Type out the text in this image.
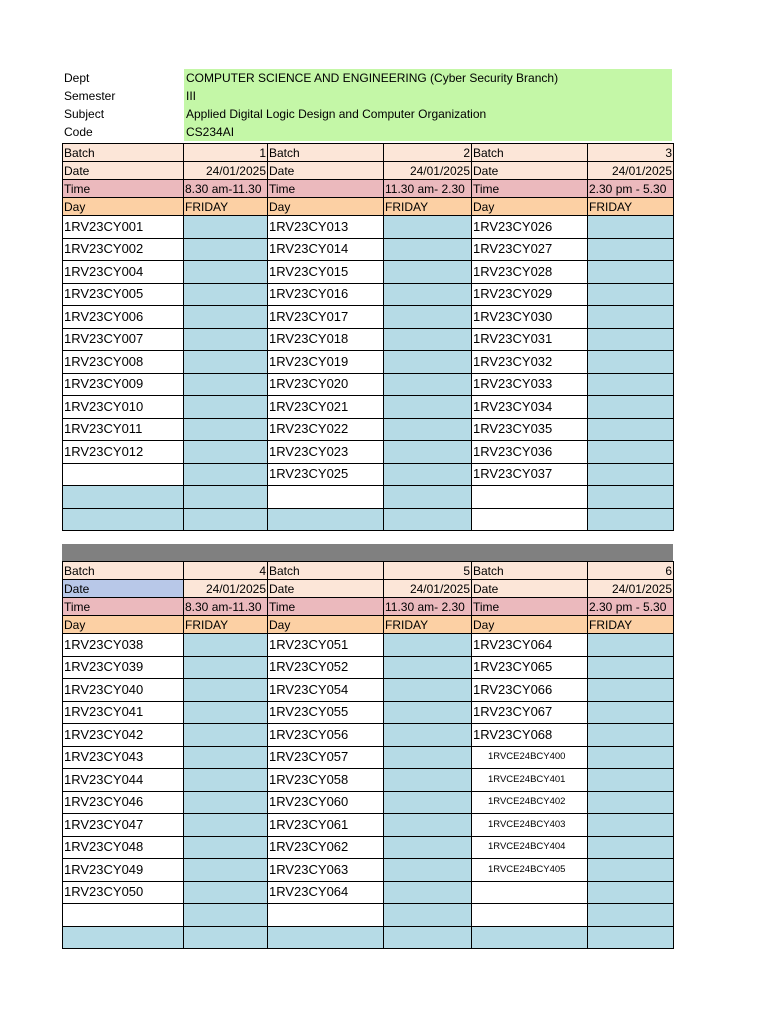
Dept	COMPUTER SCIENCE AND ENGINEERING (Cyber Security Branch)
Semester	III
Subject	Applied Digital Logic Design and Computer Organization
Code	CS234AI
Batch	1	Batch	2	Batch	3
Date	24/01/2025	Date	24/01/2025	Date	24/01/2025
Time	8.30 am-11.30	Time	11.30 am- 2.30	Time	2.30 pm - 5.30
Day	FRIDAY	Day	FRIDAY	Day	FRIDAY
1RV23CY001		1RV23CY013		1RV23CY026	
1RV23CY002		1RV23CY014		1RV23CY027	
1RV23CY004		1RV23CY015		1RV23CY028	
1RV23CY005		1RV23CY016		1RV23CY029	
1RV23CY006		1RV23CY017		1RV23CY030	
1RV23CY007		1RV23CY018		1RV23CY031	
1RV23CY008		1RV23CY019		1RV23CY032	
1RV23CY009		1RV23CY020		1RV23CY033	
1RV23CY010		1RV23CY021		1RV23CY034	
1RV23CY011		1RV23CY022		1RV23CY035	
1RV23CY012		1RV23CY023		1RV23CY036	
		1RV23CY025		1RV23CY037	

Batch	4	Batch	5	Batch	6
Date	24/01/2025	Date	24/01/2025	Date	24/01/2025
Time	8.30 am-11.30	Time	11.30 am- 2.30	Time	2.30 pm - 5.30
Day	FRIDAY	Day	FRIDAY	Day	FRIDAY
1RV23CY038		1RV23CY051		1RV23CY064	
1RV23CY039		1RV23CY052		1RV23CY065	
1RV23CY040		1RV23CY054		1RV23CY066	
1RV23CY041		1RV23CY055		1RV23CY067	
1RV23CY042		1RV23CY056		1RV23CY068	
1RV23CY043		1RV23CY057		1RVCE24BCY400	
1RV23CY044		1RV23CY058		1RVCE24BCY401	
1RV23CY046		1RV23CY060		1RVCE24BCY402	
1RV23CY047		1RV23CY061		1RVCE24BCY403	
1RV23CY048		1RV23CY062		1RVCE24BCY404	
1RV23CY049		1RV23CY063		1RVCE24BCY405	
1RV23CY050		1RV23CY064			
